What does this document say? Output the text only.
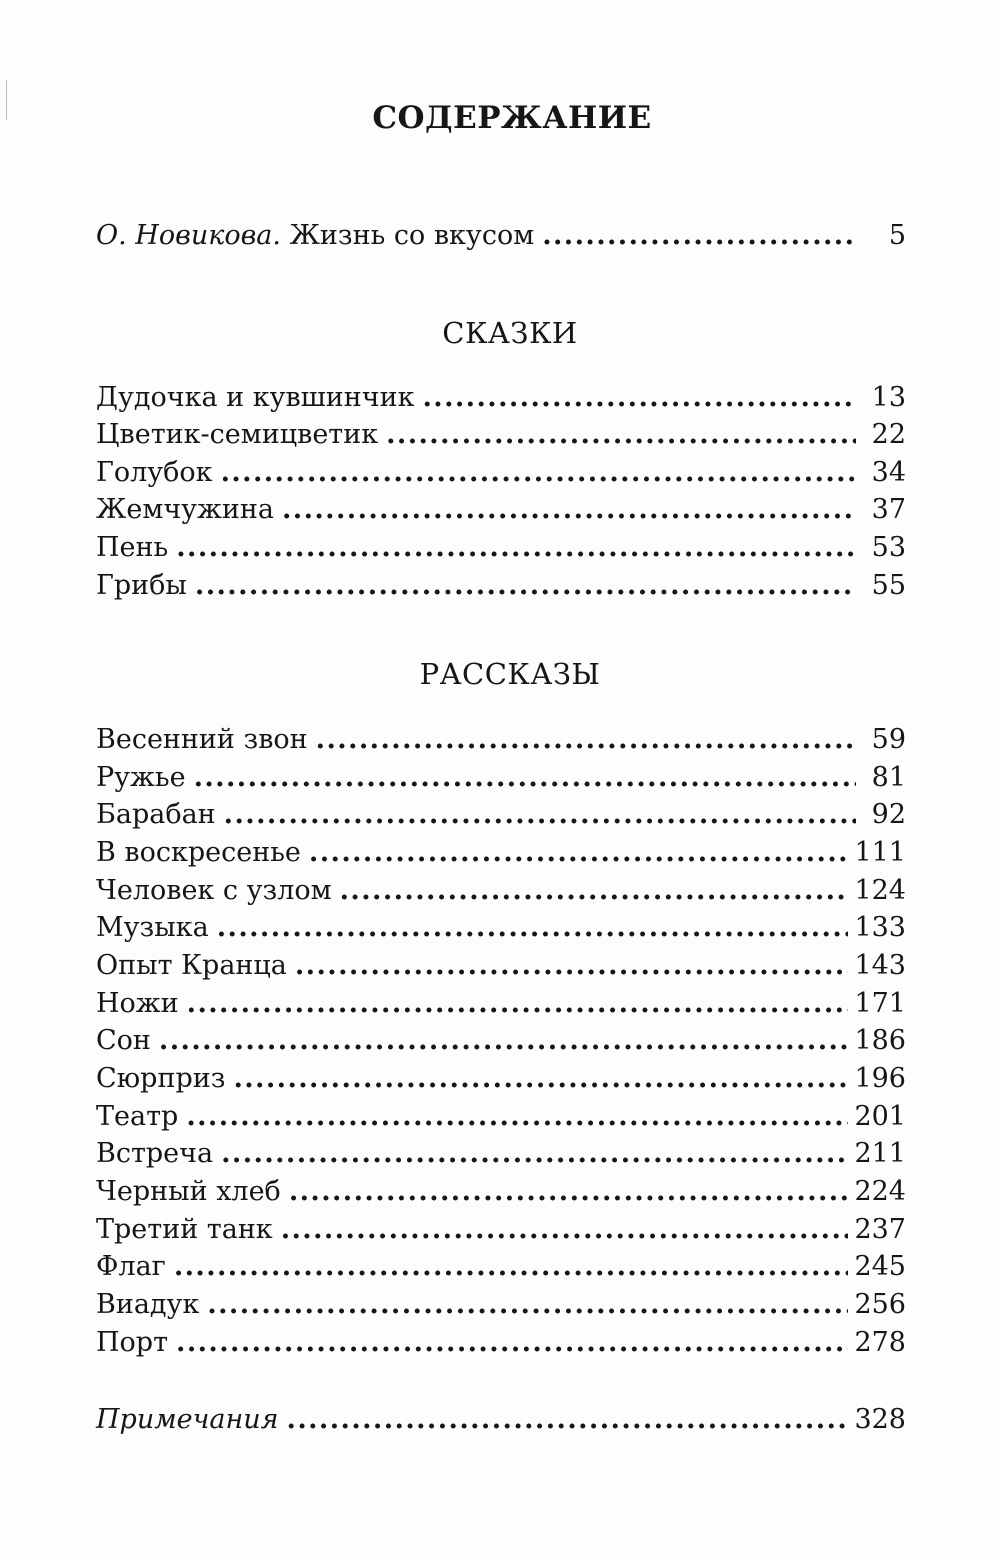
СОДЕРЖАНИЕ
О. Новикова. Жизнь со вкусом . . .	5
СКАЗКИ
Дудочка и кувшинчик . . .	13
Цветик-семицветик . . .	22
Голубок . . .	34
Жемчужина . . .	37
Пень . . .	53
Грибы . . .	55
РАССКАЗЫ
Весенний звон . . .	59
Ружье . . .	81
Барабан . . .	92
В воскресенье . . .	111
Человек с узлом . . .	124
Музыка . . .	133
Опыт Кранца . . .	143
Ножи . . .	171
Сон . . .	186
Сюрприз . . .	196
Театр . . .	201
Встреча . . .	211
Черный хлеб . . .	224
Третий танк . . .	237
Флаг . . .	245
Виадук . . .	256
Порт . . .	278
Примечания . . .	328
